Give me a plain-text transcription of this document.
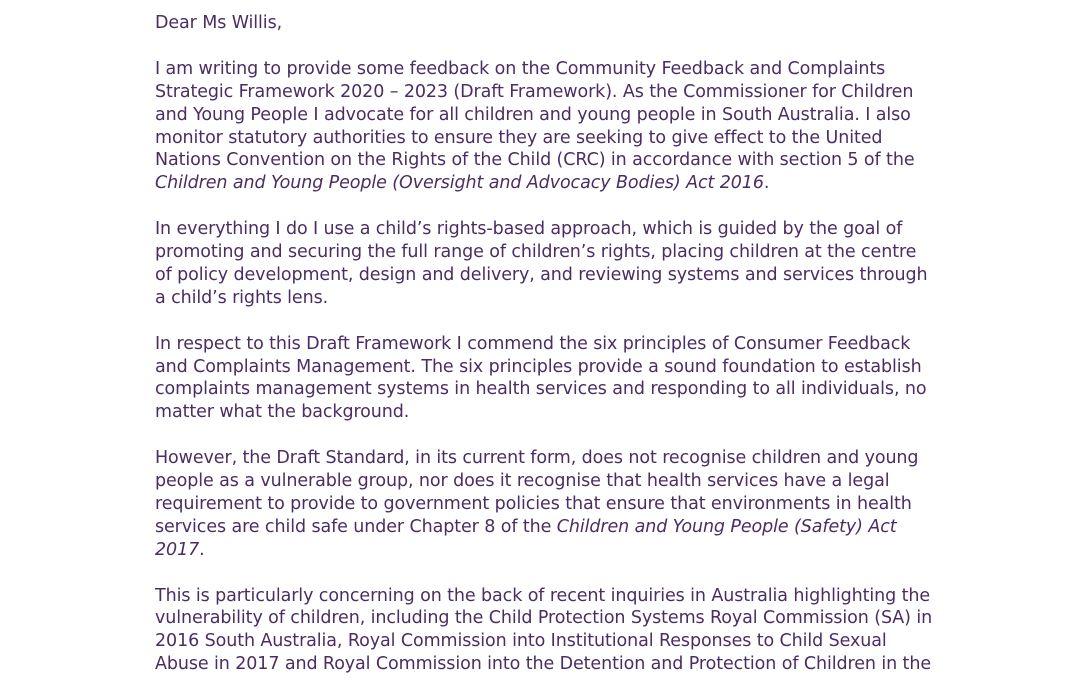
Dear Ms Willis,
I am writing to provide some feedback on the Community Feedback and Complaints
Strategic Framework 2020 – 2023 (Draft Framework). As the Commissioner for Children
and Young People I advocate for all children and young people in South Australia. I also
monitor statutory authorities to ensure they are seeking to give effect to the United
Nations Convention on the Rights of the Child (CRC) in accordance with section 5 of the
Children and Young People (Oversight and Advocacy Bodies) Act 2016.
In everything I do I use a child’s rights-based approach, which is guided by the goal of
promoting and securing the full range of children’s rights, placing children at the centre
of policy development, design and delivery, and reviewing systems and services through
a child’s rights lens.
In respect to this Draft Framework I commend the six principles of Consumer Feedback
and Complaints Management. The six principles provide a sound foundation to establish
complaints management systems in health services and responding to all individuals, no
matter what the background.
However, the Draft Standard, in its current form, does not recognise children and young
people as a vulnerable group, nor does it recognise that health services have a legal
requirement to provide to government policies that ensure that environments in health
services are child safe under Chapter 8 of the Children and Young People (Safety) Act
2017.
This is particularly concerning on the back of recent inquiries in Australia highlighting the
vulnerability of children, including the Child Protection Systems Royal Commission (SA) in
2016 South Australia, Royal Commission into Institutional Responses to Child Sexual
Abuse in 2017 and Royal Commission into the Detention and Protection of Children in the
